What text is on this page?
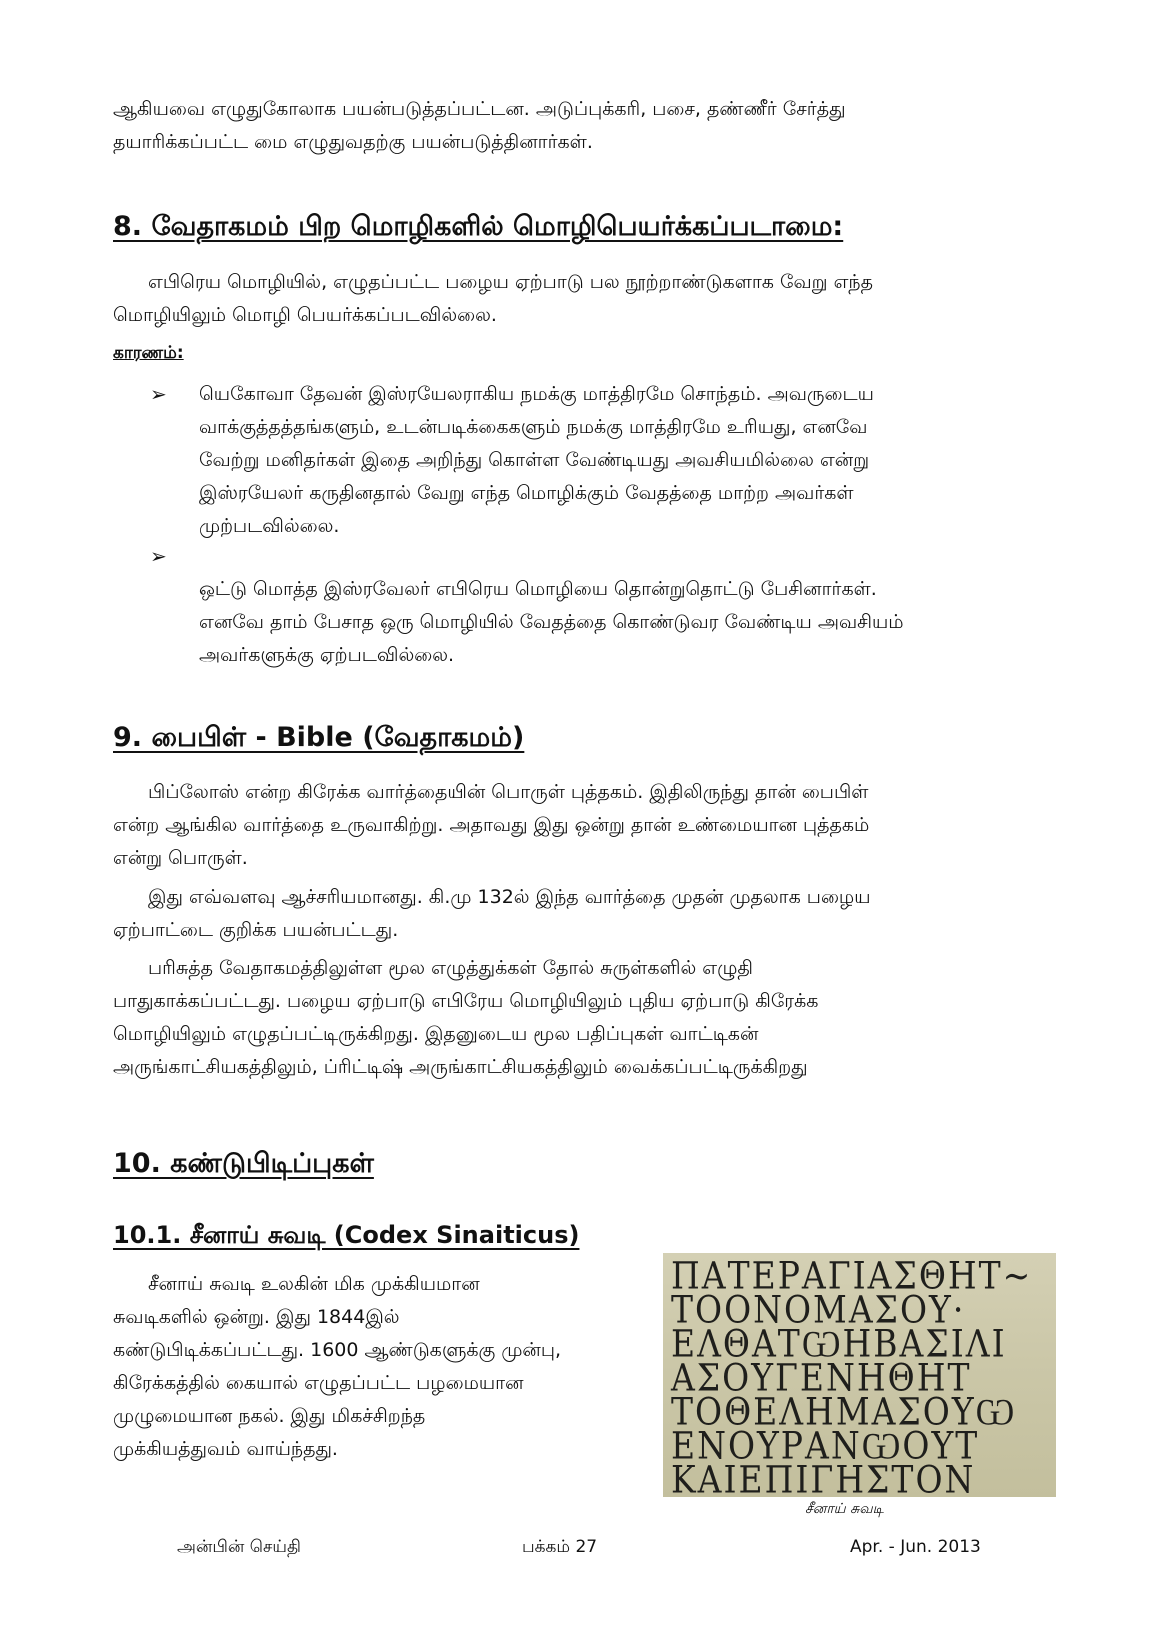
ஆகியவை எழுதுகோலாக பயன்படுத்தப்பட்டன. அடுப்புக்கரி, பசை, தண்ணீர் சேர்த்து

தயாரிக்கப்பட்ட மை எழுதுவதற்கு பயன்படுத்தினார்கள்.

8. வேதாகமம் பிற மொழிகளில் மொழிபெயர்க்கப்படாமை:

எபிரெய மொழியில், எழுதப்பட்ட பழைய ஏற்பாடு பல நூற்றாண்டுகளாக வேறு எந்த

மொழியிலும் மொழி பெயர்க்கப்படவில்லை.

காரணம்:

➢ யெகோவா தேவன் இஸ்ரயேலராகிய நமக்கு மாத்திரமே சொந்தம். அவருடைய

வாக்குத்தத்தங்களும், உடன்படிக்கைகளும் நமக்கு மாத்திரமே உரியது, எனவே

வேற்று மனிதர்கள் இதை அறிந்து கொள்ள வேண்டியது அவசியமில்லை என்று

இஸ்ரயேலர் கருதினதால் வேறு எந்த மொழிக்கும் வேதத்தை மாற்ற அவர்கள்

முற்படவில்லை.

➢

ஒட்டு மொத்த இஸ்ரவேலர் எபிரெய மொழியை தொன்றுதொட்டு பேசினார்கள்.

எனவே தாம் பேசாத ஒரு மொழியில் வேதத்தை கொண்டுவர வேண்டிய அவசியம்

அவர்களுக்கு ஏற்படவில்லை.

9. பைபிள் - Bible (வேதாகமம்)

பிப்லோஸ் என்ற கிரேக்க வார்த்தையின் பொருள் புத்தகம். இதிலிருந்து தான் பைபிள்

என்ற ஆங்கில வார்த்தை உருவாகிற்று. அதாவது இது ஒன்று தான் உண்மையான புத்தகம்

என்று பொருள்.

இது எவ்வளவு ஆச்சரியமானது. கி.மு 132ல் இந்த வார்த்தை முதன் முதலாக பழைய

ஏற்பாட்டை குறிக்க பயன்பட்டது.

பரிசுத்த வேதாகமத்திலுள்ள மூல எழுத்துக்கள் தோல் சுருள்களில் எழுதி

பாதுகாக்கப்பட்டது. பழைய ஏற்பாடு எபிரேய மொழியிலும் புதிய ஏற்பாடு கிரேக்க

மொழியிலும் எழுதப்பட்டிருக்கிறது. இதனுடைய மூல பதிப்புகள் வாட்டிகன்

அருங்காட்சியகத்திலும், ப்ரிட்டிஷ் அருங்காட்சியகத்திலும் வைக்கப்பட்டிருக்கிறது

10. கண்டுபிடிப்புகள்
10.1. சீனாய் சுவடி (Codex Sinaiticus)

சீனாய் சுவடி உலகின் மிக முக்கியமான

சுவடிகளில் ஒன்று. இது 1844இல்

கண்டுபிடிக்கப்பட்டது. 1600 ஆண்டுகளுக்கு முன்பு,

கிரேக்கத்தில் கையால் எழுதப்பட்ட பழமையான

முழுமையான நகல். இது மிகச்சிறந்த

முக்கியத்துவம் வாய்ந்தது.

ΠΑΤΕΡΑΓΙΑΣΘΗΤ~
ΤΟΟΝΟΜΑΣΟΥ·
ΕΛΘΑΤѠΗΒΑΣΙΛΙ
ΑΣΟΥΓΕΝΗΘΗΤ
ΤΟΘΕΛΗΜΑΣΟΥѠ
ΕΝΟΥΡΑΝѠΟΥΤ
ΚΑΙΕΠΙΓΗΣΤΟΝ
சீனாய் சுவடி
அன்பின் செய்தி	பக்கம் 27	Apr. - Jun. 2013
